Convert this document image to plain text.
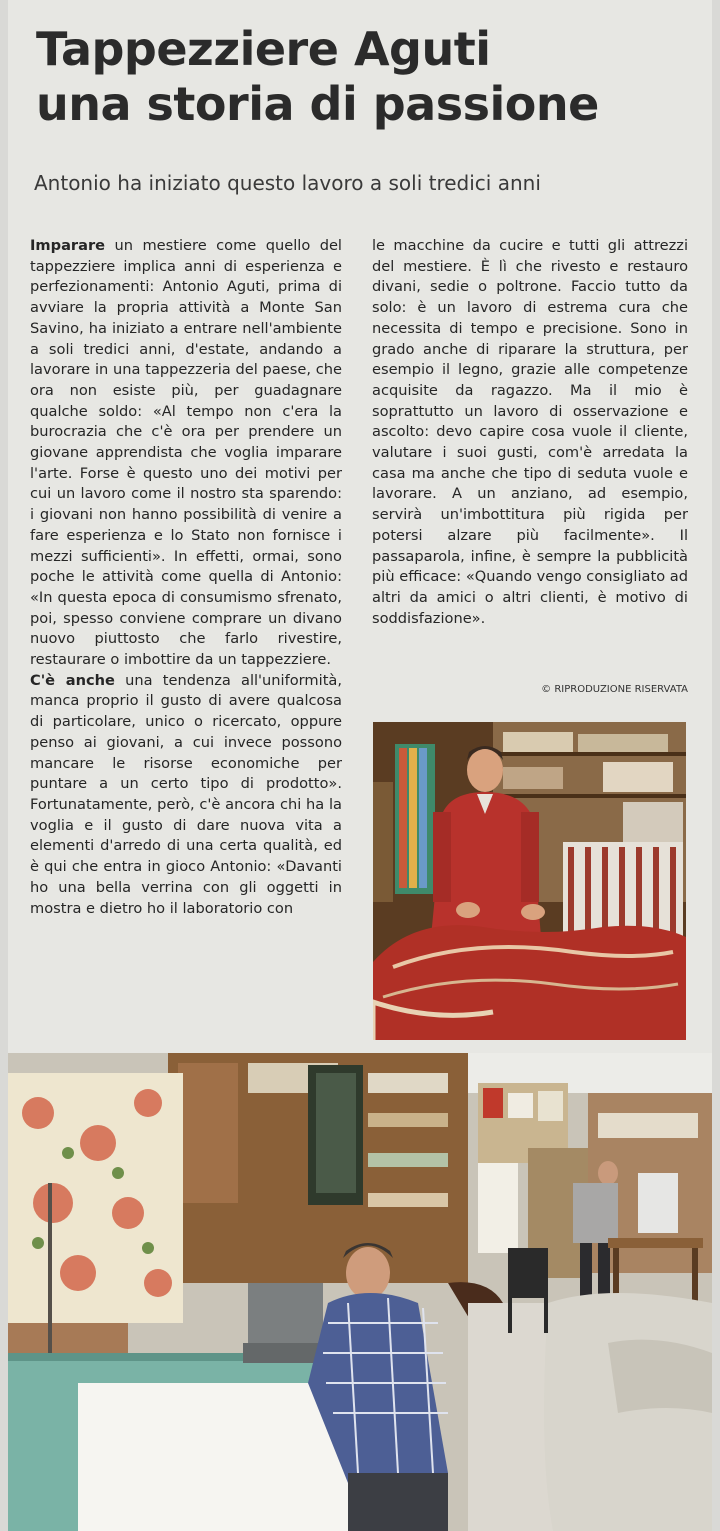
Tappezziere Aguti
una storia di passione
Antonio ha iniziato questo lavoro a soli tredici anni

Imparare un mestiere come quello del tappezziere implica anni di esperienza e perfezionamenti: Antonio Aguti, prima di avviare la propria attività a Monte San Savino, ha iniziato a entrare nell'ambiente a soli tredici anni, d'estate, andando a lavorare in una tappezzeria del paese, che ora non esiste più, per guadagnare qualche soldo: «Al tempo non c'era la burocrazia che c'è ora per prendere un giovane apprendista che voglia imparare l'arte. Forse è questo uno dei motivi per cui un lavoro come il nostro sta sparendo: i giovani non hanno possibilità di venire a fare esperienza e lo Stato non fornisce i mezzi sufficienti». In effetti, ormai, sono poche le attività come quella di Antonio: «In questa epoca di consumismo sfrenato, poi, spesso conviene comprare un divano nuovo piuttosto che farlo rivestire, restaurare o imbottire da un tappezziere.

C'è anche una tendenza all'uniformità, manca proprio il gusto di avere qualcosa di particolare, unico o ricercato, oppure penso ai giovani, a cui invece possono mancare le risorse economiche per puntare a un certo tipo di prodotto». Fortunatamente, però, c'è ancora chi ha la voglia e il gusto di dare nuova vita a elementi d'arredo di una certa qualità, ed è qui che entra in gioco Antonio: «Davanti ho una bella verrina con gli oggetti in mostra e dietro ho il laboratorio con

le macchine da cucire e tutti gli attrezzi del mestiere. È lì che rivesto e restauro divani, sedie o poltrone. Faccio tutto da solo: è un lavoro di estrema cura che necessita di tempo e precisione. Sono in grado anche di riparare la struttura, per esempio il legno, grazie alle competenze acquisite da ragazzo. Ma il mio è soprattutto un lavoro di osservazione e ascolto: devo capire cosa vuole il cliente, valutare i suoi gusti, com'è arredata la casa ma anche che tipo di seduta vuole e lavorare. A un anziano, ad esempio, servirà un'imbottitura più rigida per potersi alzare più facilmente». Il passaparola, infine, è sempre la pubblicità più efficace: «Quando vengo consigliato ad altri da amici o altri clienti, è motivo di soddisfazione».

© RIPRODUZIONE RISERVATA
